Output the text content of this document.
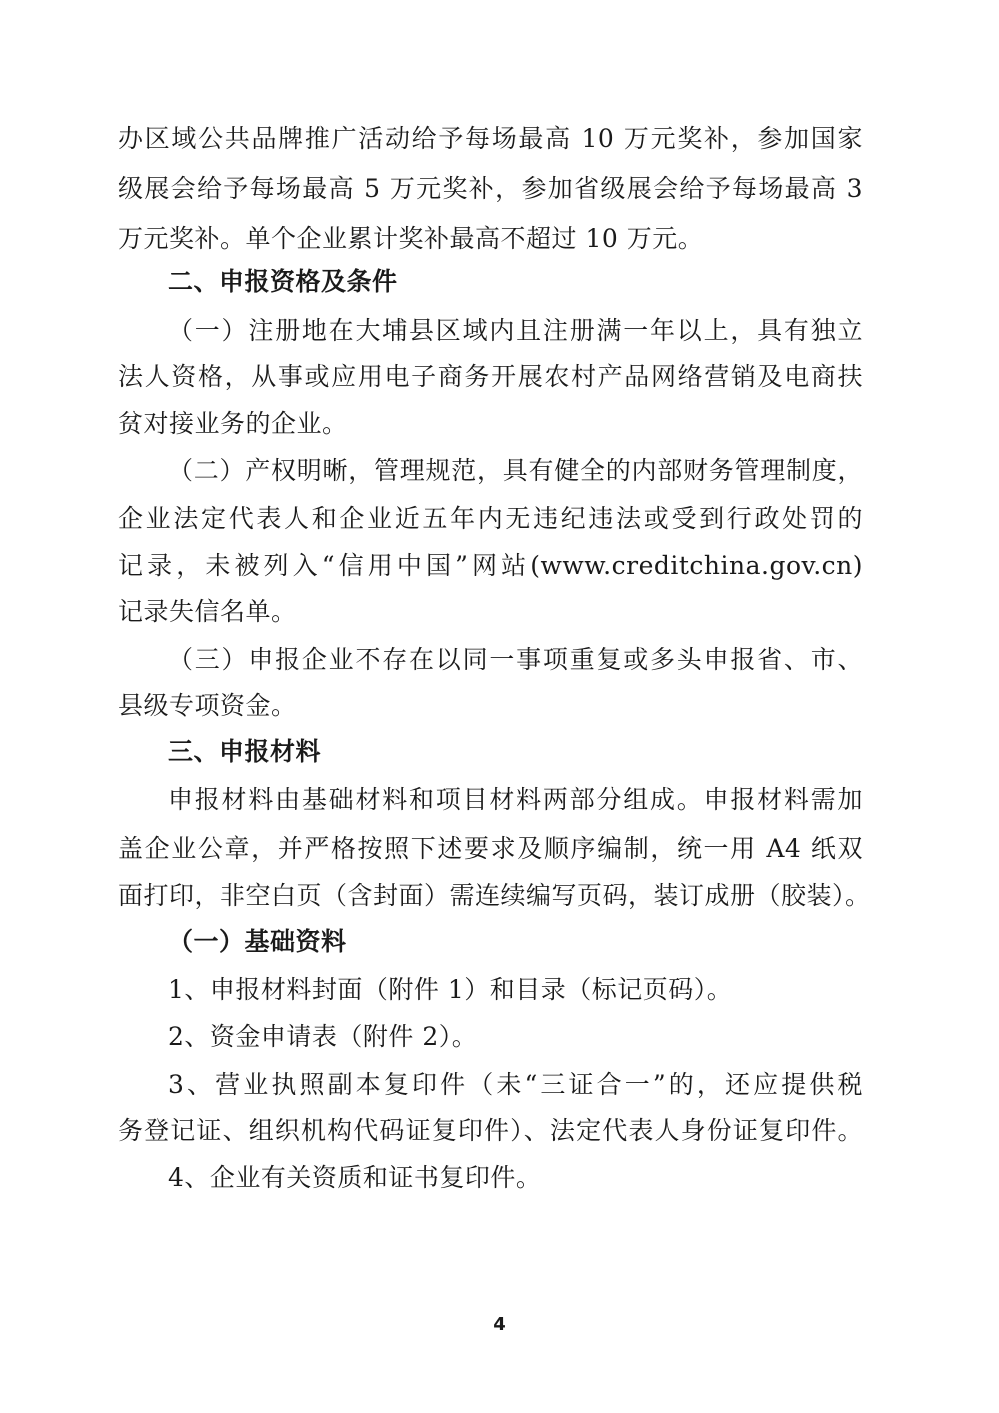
办区域公共品牌推广活动给予每场最高 10 万元奖补，参加国家
级展会给予每场最高 5 万元奖补，参加省级展会给予每场最高 3
万元奖补。单个企业累计奖补最高不超过 10 万元。
二、申报资格及条件
（一）注册地在大埔县区域内且注册满一年以上，具有独立
法人资格，从事或应用电子商务开展农村产品网络营销及电商扶
贫对接业务的企业。
（二）产权明晰，管理规范，具有健全的内部财务管理制度，
企业法定代表人和企业近五年内无违纪违法或受到行政处罚的
记录，未被列入“信用中国”网站(www.creditchina.gov.cn)
记录失信名单。
（三）申报企业不存在以同一事项重复或多头申报省、市、
县级专项资金。
三、申报材料
申报材料由基础材料和项目材料两部分组成。申报材料需加
盖企业公章，并严格按照下述要求及顺序编制，统一用 A4 纸双
面打印，非空白页（含封面）需连续编写页码，装订成册（胶装）。
（一）基础资料
1、申报材料封面（附件 1）和目录（标记页码）。
2、资金申请表（附件 2）。
3、营业执照副本复印件（未“三证合一”的，还应提供税
务登记证、组织机构代码证复印件）、法定代表人身份证复印件。
4、企业有关资质和证书复印件。
4
